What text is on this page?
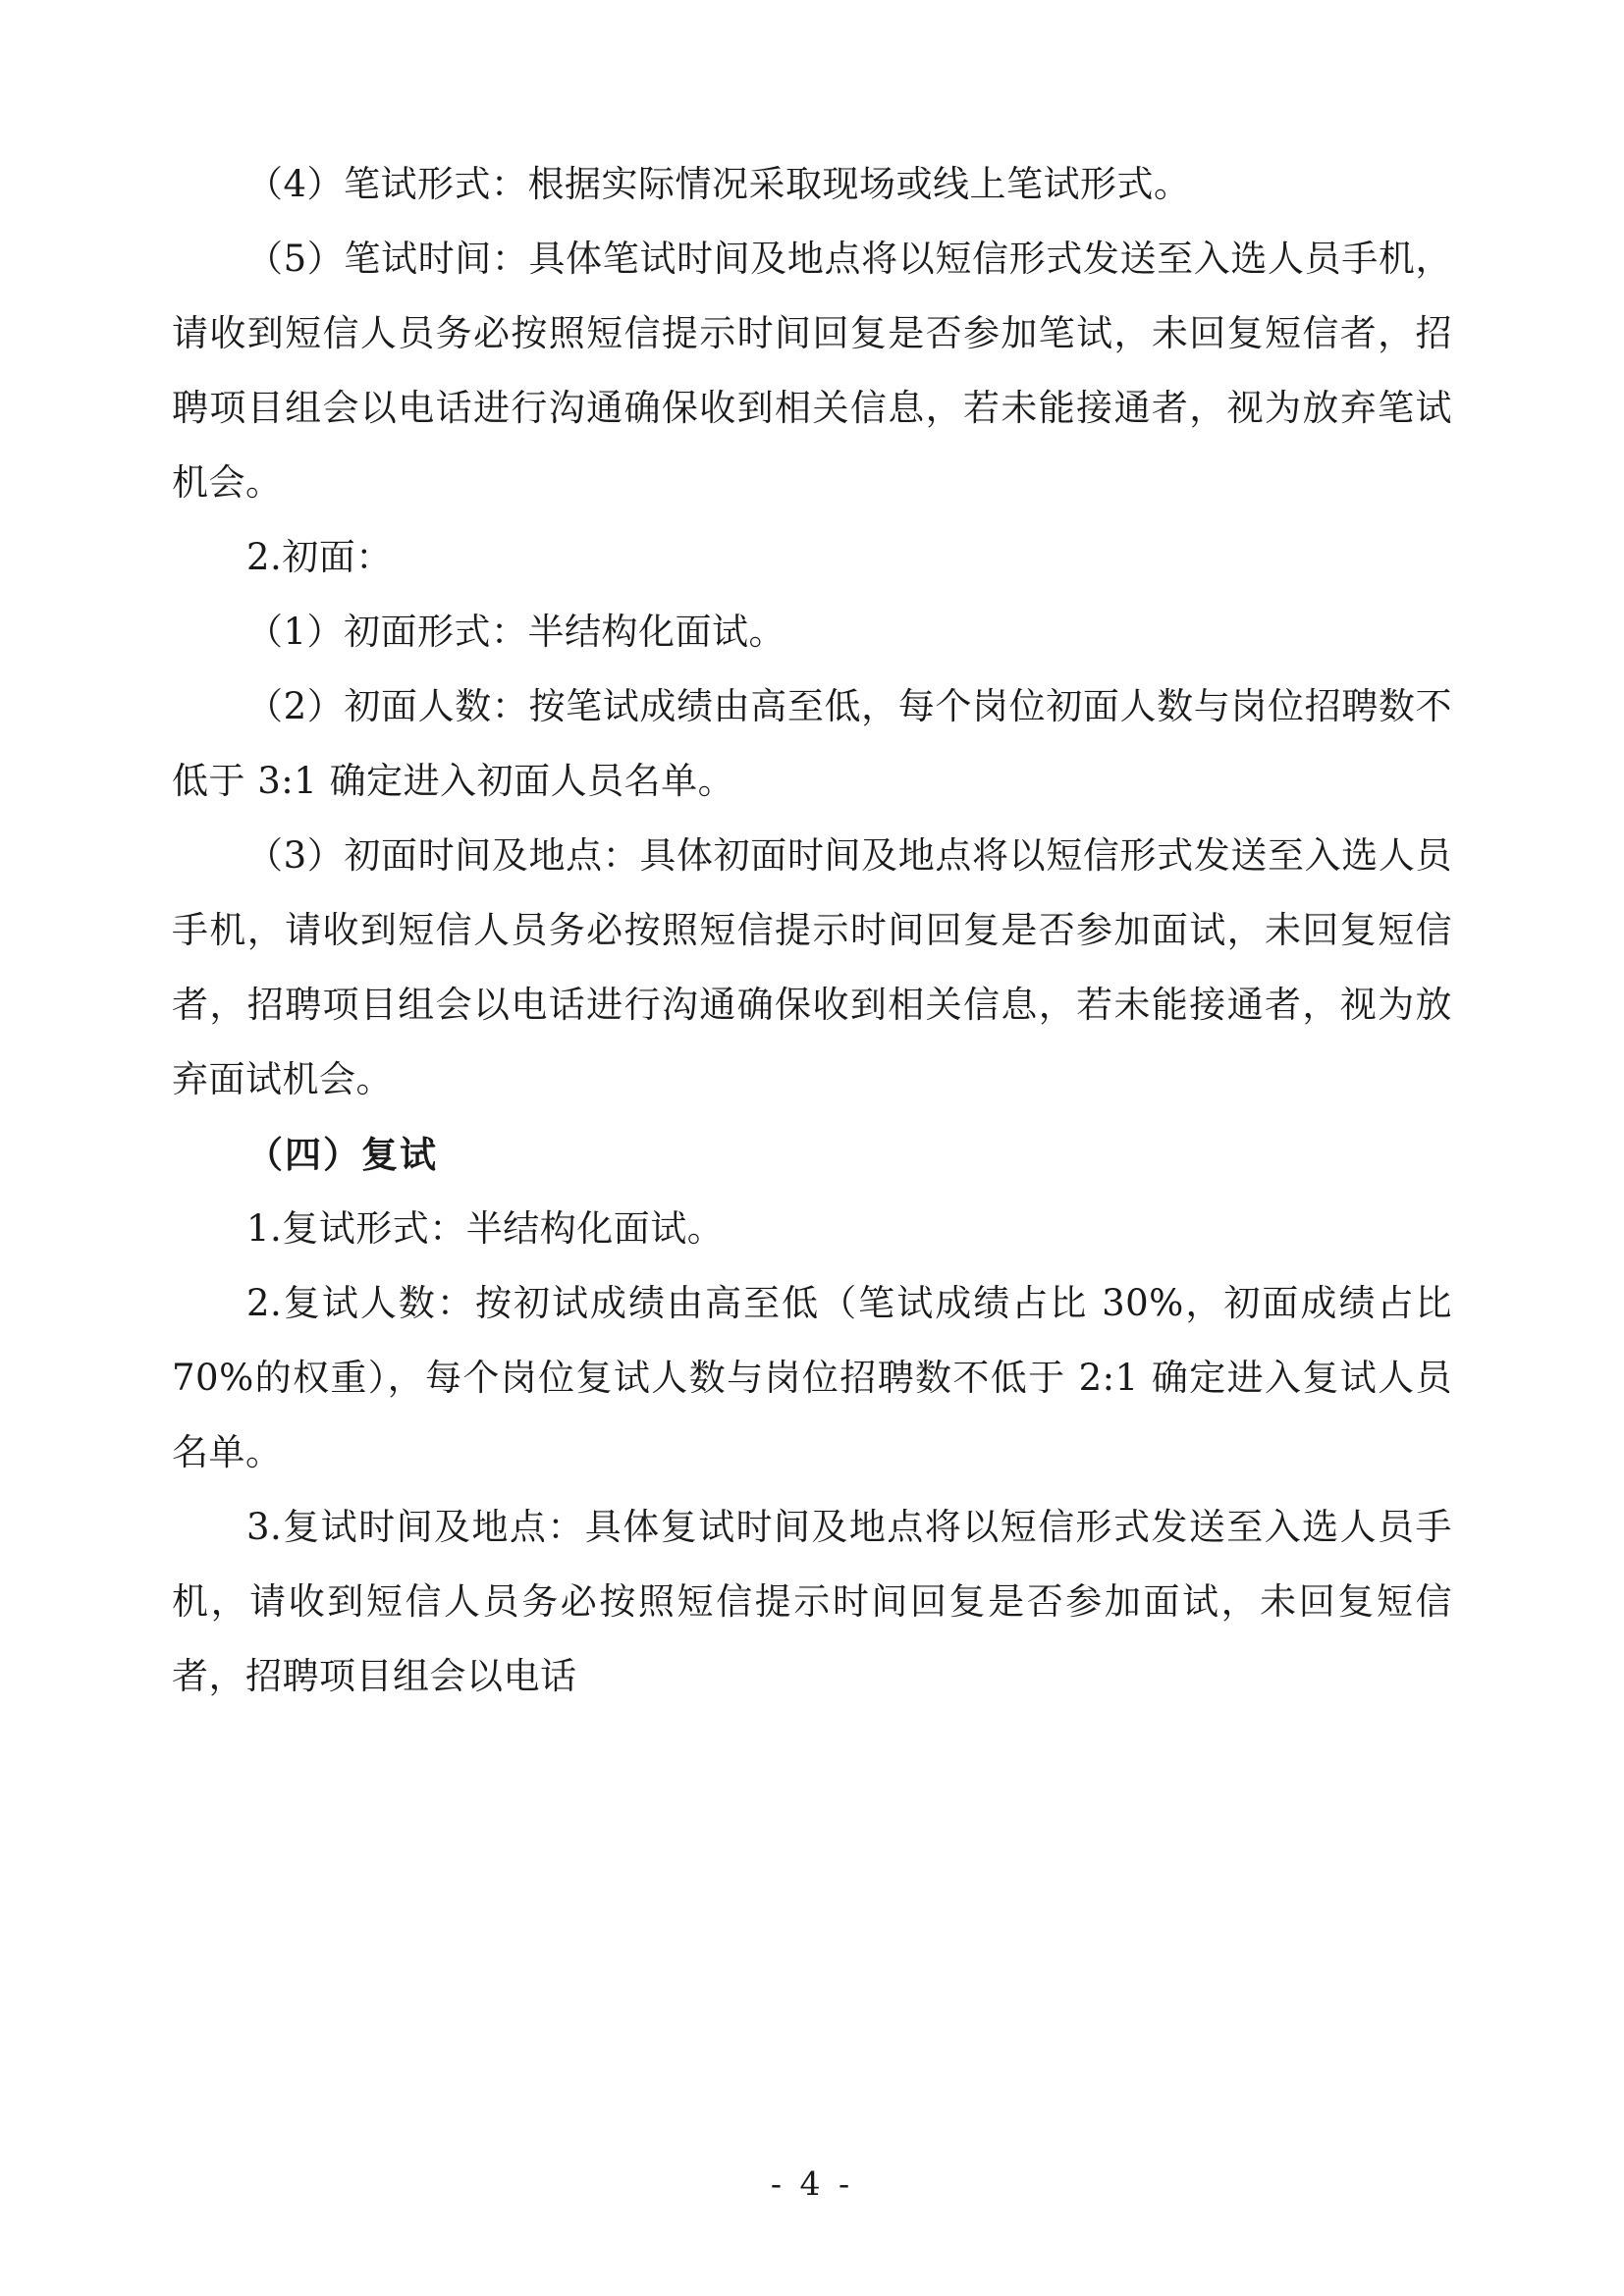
（4）笔试形式：根据实际情况采取现场或线上笔试形式。

（5）笔试时间：具体笔试时间及地点将以短信形式发送至入选人员手机，请收到短信人员务必按照短信提示时间回复是否参加笔试，未回复短信者，招聘项目组会以电话进行沟通确保收到相关信息，若未能接通者，视为放弃笔试机会。

2.初面：

（1）初面形式：半结构化面试。

（2）初面人数：按笔试成绩由高至低，每个岗位初面人数与岗位招聘数不低于 3:1 确定进入初面人员名单。

（3）初面时间及地点：具体初面时间及地点将以短信形式发送至入选人员手机，请收到短信人员务必按照短信提示时间回复是否参加面试，未回复短信者，招聘项目组会以电话进行沟通确保收到相关信息，若未能接通者，视为放弃面试机会。

（四）复试

1.复试形式：半结构化面试。

2.复试人数：按初试成绩由高至低（笔试成绩占比 30%，初面成绩占比 70%的权重），每个岗位复试人数与岗位招聘数不低于 2:1 确定进入复试人员名单。

3.复试时间及地点：具体复试时间及地点将以短信形式发送至入选人员手机，请收到短信人员务必按照短信提示时间回复是否参加面试，未回复短信者，招聘项目组会以电话

- 4 -
